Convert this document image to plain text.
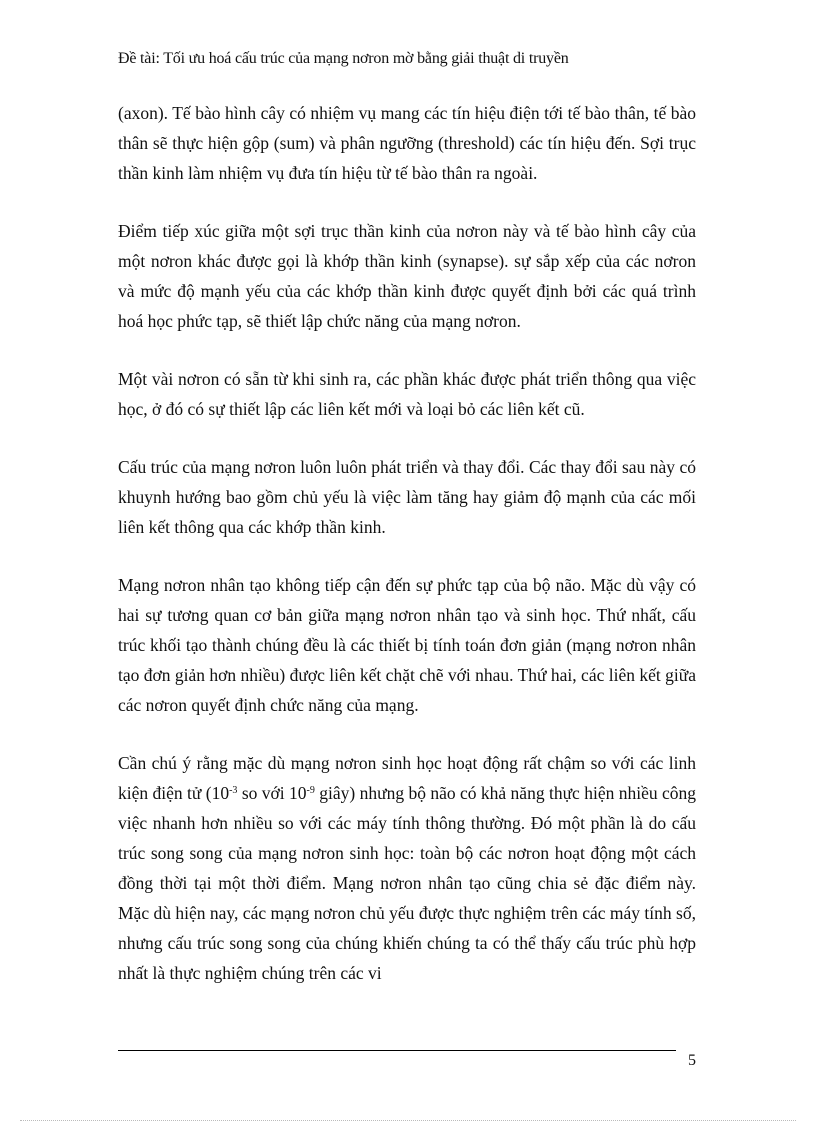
Đề tài: Tối ưu hoá cấu trúc của mạng nơron mờ bằng giải thuật di truyền

(axon). Tế bào hình cây có nhiệm vụ mang các tín hiệu điện tới tế bào thân, tế bào thân sẽ thực hiện gộp (sum) và phân ngưỡng (threshold) các tín hiệu đến. Sợi trục thần kinh làm nhiệm vụ đưa tín hiệu từ tế bào thân ra ngoài.

Điểm tiếp xúc giữa một sợi trục thần kinh của nơron này và tế bào hình cây của một nơron khác được gọi là khớp thần kinh (synapse). sự sắp xếp của các nơron và mức độ mạnh yếu của các khớp thần kinh được quyết định bởi các quá trình hoá học phức tạp, sẽ thiết lập chức năng của mạng nơron.

Một vài nơron có sẵn từ khi sinh ra, các phần khác được phát triển thông qua việc học, ở đó có sự thiết lập các liên kết mới và loại bỏ các liên kết cũ.

Cấu trúc của mạng nơron luôn luôn phát triển và thay đổi. Các thay đổi sau này có khuynh hướng bao gồm chủ yếu là việc làm tăng hay giảm độ mạnh của các mối liên kết thông qua các khớp thần kinh.

Mạng nơron nhân tạo không tiếp cận đến sự phức tạp của bộ não. Mặc dù vậy có hai sự tương quan cơ bản giữa mạng nơron nhân tạo và sinh học. Thứ nhất, cấu trúc khối tạo thành chúng đều là các thiết bị tính toán đơn giản (mạng nơron nhân tạo đơn giản hơn nhiều) được liên kết chặt chẽ với nhau. Thứ hai, các liên kết giữa các nơron quyết định chức năng của mạng.

Cần chú ý rằng mặc dù mạng nơron sinh học hoạt động rất chậm so với các linh kiện điện tử ($10^{-3}$ so với $10^{-9}$ giây) nhưng bộ não có khả năng thực hiện nhiều công việc nhanh hơn nhiều so với các máy tính thông thường. Đó một phần là do cấu trúc song song của mạng nơron sinh học: toàn bộ các nơron hoạt động một cách đồng thời tại một thời điểm. Mạng nơron nhân tạo cũng chia sẻ đặc điểm này. Mặc dù hiện nay, các mạng nơron chủ yếu được thực nghiệm trên các máy tính số, nhưng cấu trúc song song của chúng khiến chúng ta có thể thấy cấu trúc phù hợp nhất là thực nghiệm chúng trên các vi

5
